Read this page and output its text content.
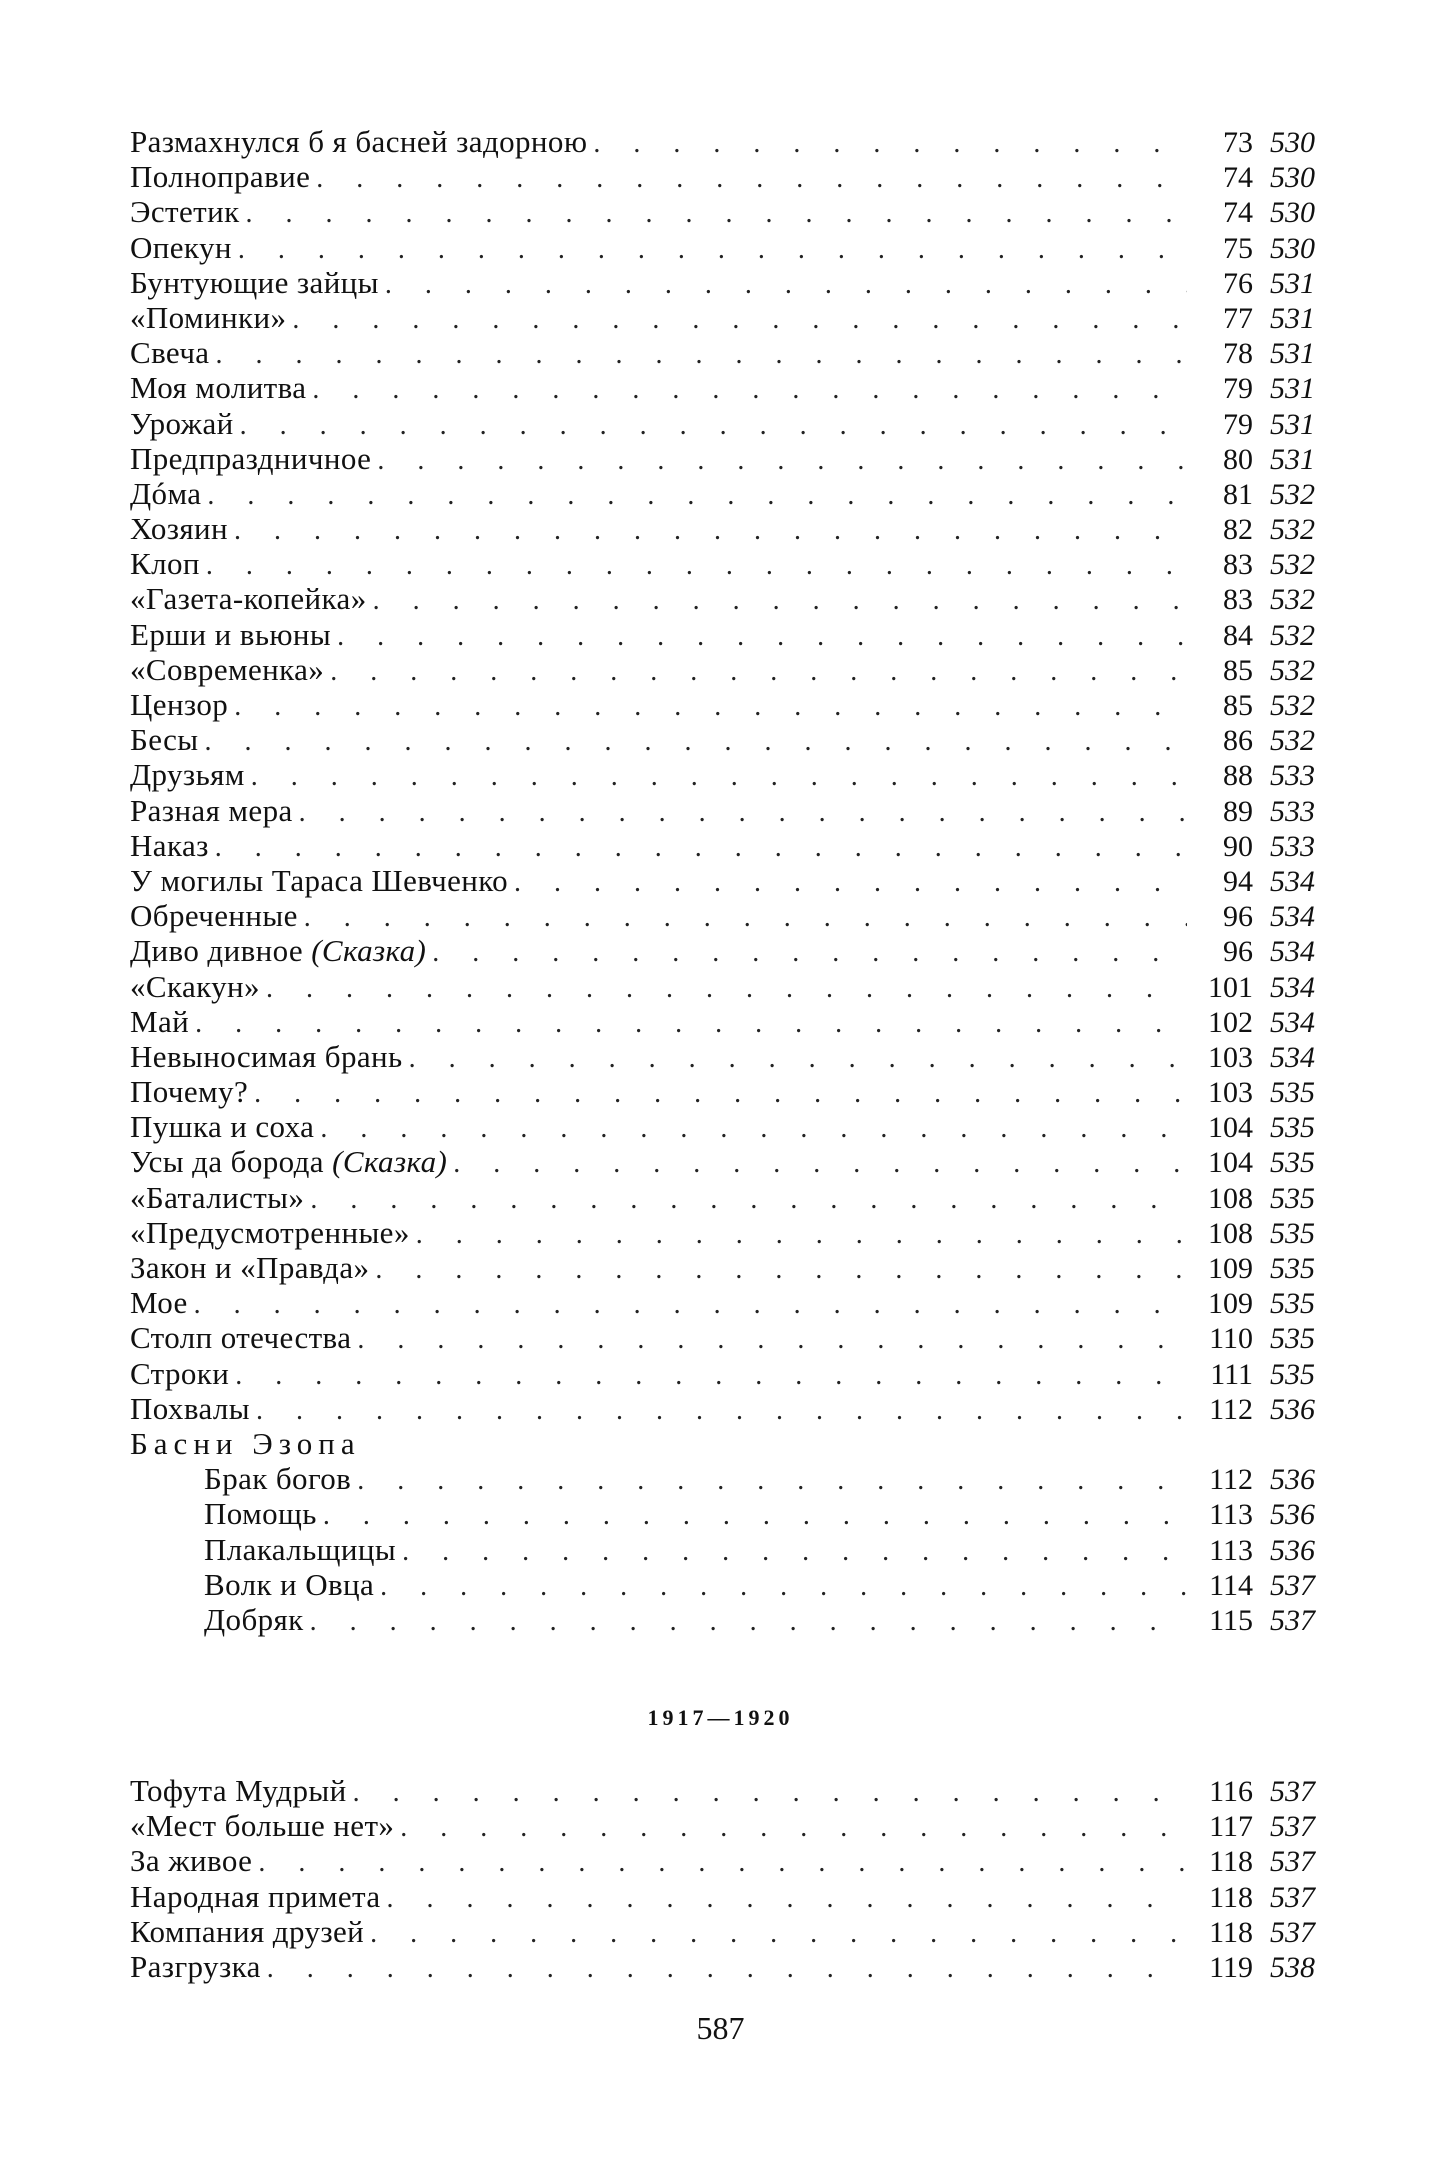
Размахнулся б я басней задорною . . .	73 530
Полноправие . . .	74 530
Эстетик . . .	74 530
Опекун . . .	75 530
Бунтующие зайцы . . .	76 531
«Поминки» . . .	77 531
Свеча . . .	78 531
Моя молитва . . .	79 531
Урожай . . .	79 531
Предпраздничное . . .	80 531
Дóма . . .	81 532
Хозяин . . .	82 532
Клоп . . .	83 532
«Газета-копейка» . . .	83 532
Ерши и вьюны . . .	84 532
«Современка» . . .	85 532
Цензор . . .	85 532
Бесы . . .	86 532
Друзьям . . .	88 533
Разная мера . . .	89 533
Наказ . . .	90 533
У могилы Тараса Шевченко . . .	94 534
Обреченные . . .	96 534
Диво дивное (Сказка) . . .	96 534
«Скакун» . . .	101 534
Май . . .	102 534
Невыносимая брань . . .	103 534
Почему? . . .	103 535
Пушка и соха . . .	104 535
Усы да борода (Сказка) . . .	104 535
«Баталисты» . . .	108 535
«Предусмотренные» . . .	108 535
Закон и «Правда» . . .	109 535
Мое . . .	109 535
Столп отечества . . .	110 535
Строки . . .	111 535
Похвалы . . .	112 536
Басни Эзопа
Брак богов . . .	112 536
Помощь . . .	113 536
Плакальщицы . . .	113 536
Волк и Овца . . .	114 537
Добряк . . .	115 537
1917—1920
Тофута Мудрый . . .	116 537
«Мест больше нет» . . .	117 537
За живое . . .	118 537
Народная примета . . .	118 537
Компания друзей . . .	118 537
Разгрузка . . .	119 538
587
